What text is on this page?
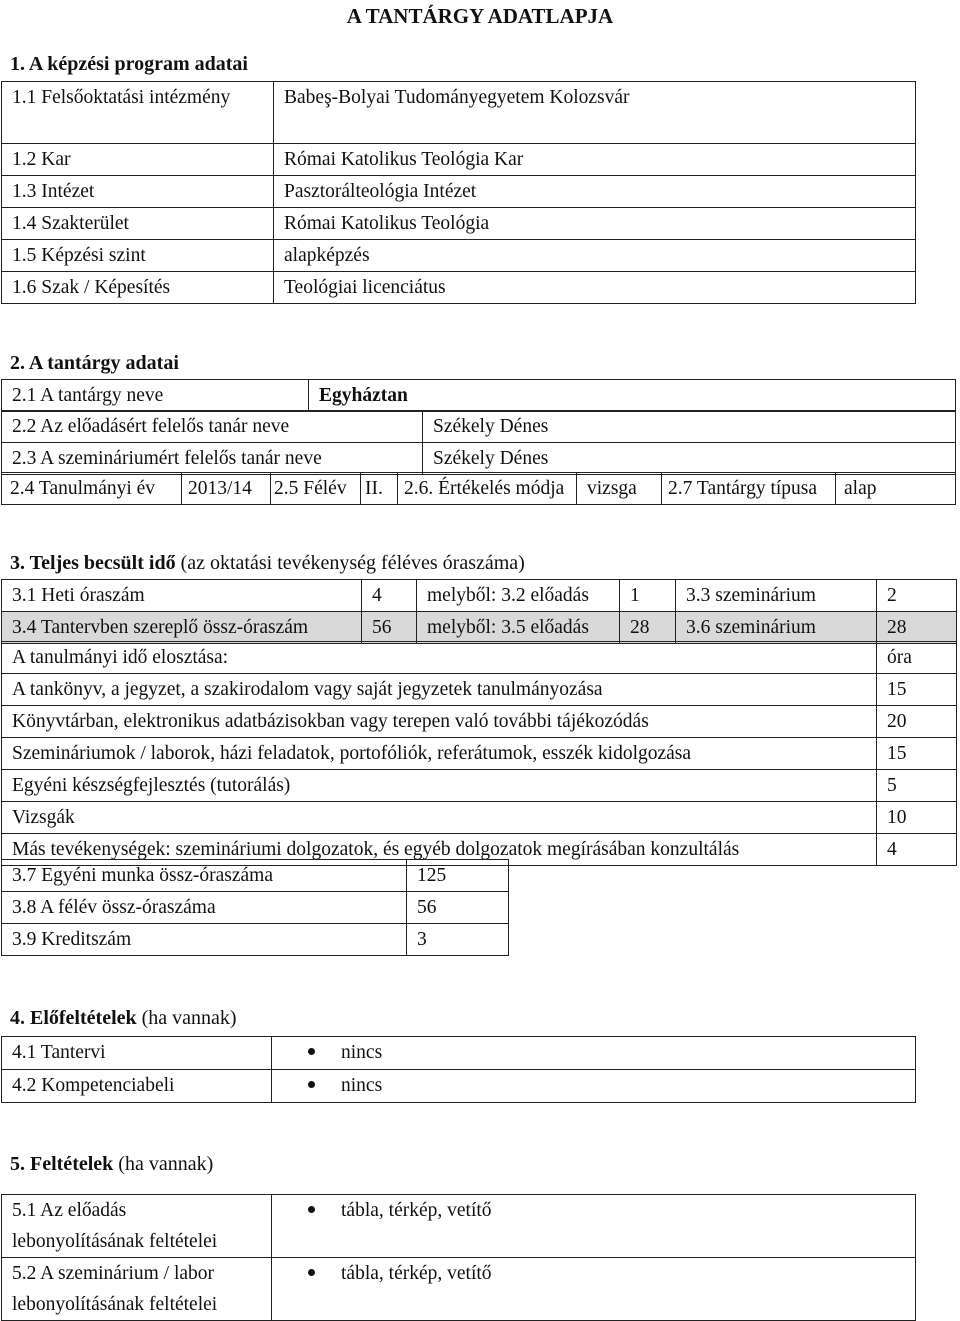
A TANTÁRGY ADATLAPJA
1. A képzési program adatai
1.1 Felsőoktatási intézmény	Babeş-Bolyai Tudományegyetem Kolozsvár
1.2 Kar	Római Katolikus Teológia Kar
1.3 Intézet	Pasztorálteológia Intézet
1.4 Szakterület	Római Katolikus Teológia
1.5 Képzési szint	alapképzés
1.6 Szak / Képesítés	Teológiai licenciátus
2. A tantárgy adatai
2.1 A tantárgy neve	Egyháztan
2.2 Az előadásért felelős tanár neve	Székely Dénes
2.3 A szemináriumért felelős tanár neve	Székely Dénes
2.4 Tanulmányi év	2013/14	2.5 Félév	II.	2.6. Értékelés módja	vizsga	2.7 Tantárgy típusa	alap
3. Teljes becsült idő (az oktatási tevékenység féléves óraszáma)
3.1 Heti óraszám	4	melyből: 3.2 előadás	1	3.3 szeminárium	2
3.4 Tantervben szereplő össz-óraszám	56	melyből: 3.5 előadás	28	3.6 szeminárium	28
A tanulmányi idő elosztása:	óra
A tankönyv, a jegyzet, a szakirodalom vagy saját jegyzetek tanulmányozása	15
Könyvtárban, elektronikus adatbázisokban vagy terepen való további tájékozódás	20
Szemináriumok / laborok, házi feladatok, portofóliók, referátumok, esszék kidolgozása	15
Egyéni készségfejlesztés (tutorálás)	5
Vizsgák	10
Más tevékenységek: szemináriumi dolgozatok, és egyéb dolgozatok megírásában konzultálás	4
3.7 Egyéni munka össz-óraszáma	125
3.8 A félév össz-óraszáma	56
3.9 Kreditszám	3
4. Előfeltételek (ha vannak)
4.1 Tantervi	nincs
4.2 Kompetenciabeli	nincs
5. Feltételek (ha vannak)
5.1 Az előadás lebonyolításának feltételei	tábla, térkép, vetítő
5.2 A szeminárium / labor lebonyolításának feltételei	tábla, térkép, vetítő
